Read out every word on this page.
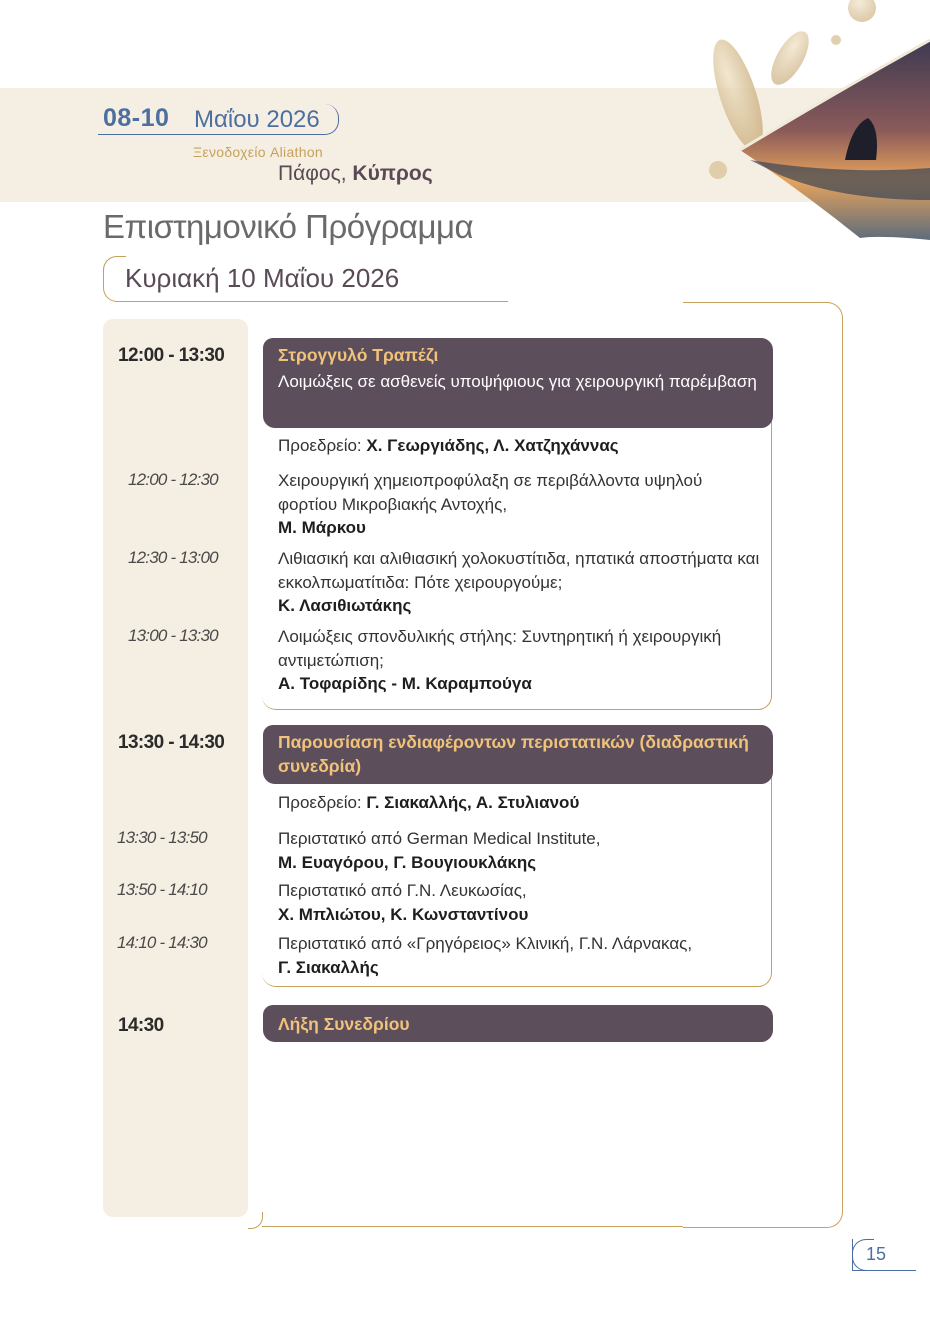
08-10 Μαΐου 2026
Ξενοδοχείο Aliathon
Πάφος, Κύπρος
Επιστημονικό Πρόγραμμα
Κυριακή 10 Μαΐου 2026
12:00 - 13:30	Στρογγυλό Τραπέζι
Λοιμώξεις σε ασθενείς υποψήφιους για χειρουργική παρέμβαση
Προεδρείο: Χ. Γεωργιάδης, Λ. Χατζηχάννας
12:00 - 12:30	Χειρουργική χημειοπροφύλαξη σε περιβάλλοντα υψηλού φορτίου Μικροβιακής Αντοχής,
Μ. Μάρκου
12:30 - 13:00	Λιθιασική και αλιθιασική χολοκυστίτιδα, ηπατικά αποστήματα και εκκολπωματίτιδα: Πότε χειρουργούμε;
Κ. Λασιθιωτάκης
13:00 - 13:30	Λοιμώξεις σπονδυλικής στήλης: Συντηρητική ή χειρουργική αντιμετώπιση;
Α. Τοφαρίδης - Μ. Καραμπούγα
13:30 - 14:30	Παρουσίαση ενδιαφέροντων περιστατικών (διαδραστική συνεδρία)
Προεδρείο: Γ. Σιακαλλής, Α. Στυλιανού
13:30 - 13:50	Περιστατικό από German Medical Institute,
Μ. Ευαγόρου, Γ. Βουγιουκλάκης
13:50 - 14:10	Περιστατικό από Γ.Ν. Λευκωσίας,
Χ. Μπλιώτου, Κ. Κωνσταντίνου
14:10 - 14:30	Περιστατικό από «Γρηγόρειος» Κλινική, Γ.Ν. Λάρνακας,
Γ. Σιακαλλής
14:30	Λήξη Συνεδρίου
15
